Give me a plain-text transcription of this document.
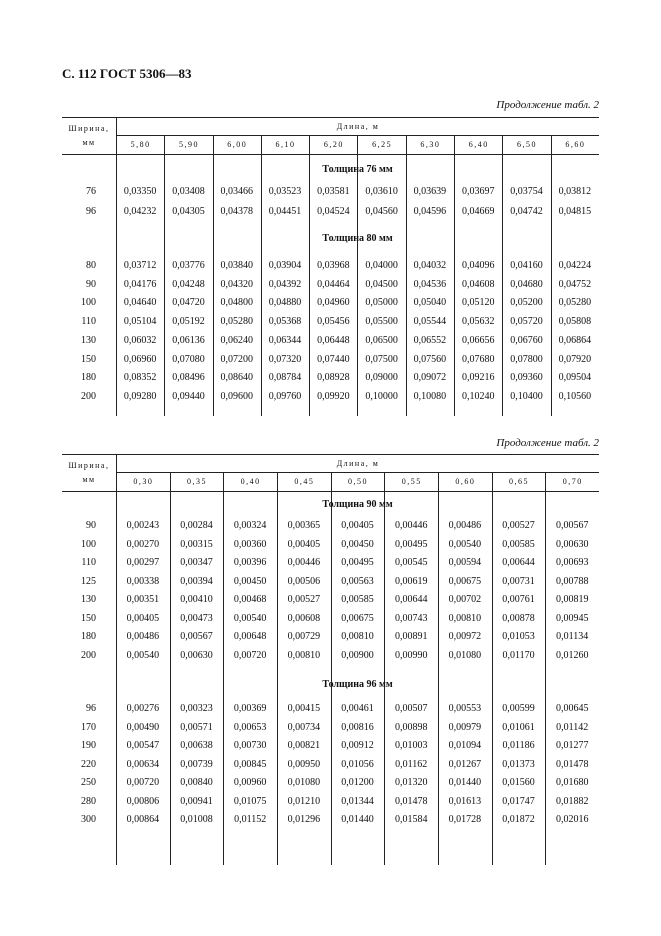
С. 112 ГОСТ 5306—83
Продолжение табл. 2
Ширина,
мм
Длина, м
5,80	5,90	6,00	6,10	6,20	6,25	6,30	6,40	6,50	6,60
Толщина 76 мм
76	0,03350	0,03408	0,03466	0,03523	0,03581	0,03610	0,03639	0,03697	0,03754	0,03812
96	0,04232	0,04305	0,04378	0,04451	0,04524	0,04560	0,04596	0,04669	0,04742	0,04815
Толщина 80 мм
80	0,03712	0,03776	0,03840	0,03904	0,03968	0,04000	0,04032	0,04096	0,04160	0,04224
90	0,04176	0,04248	0,04320	0,04392	0,04464	0,04500	0,04536	0,04608	0,04680	0,04752
100	0,04640	0,04720	0,04800	0,04880	0,04960	0,05000	0,05040	0,05120	0,05200	0,05280
110	0,05104	0,05192	0,05280	0,05368	0,05456	0,05500	0,05544	0,05632	0,05720	0,05808
130	0,06032	0,06136	0,06240	0,06344	0,06448	0,06500	0,06552	0,06656	0,06760	0,06864
150	0,06960	0,07080	0,07200	0,07320	0,07440	0,07500	0,07560	0,07680	0,07800	0,07920
180	0,08352	0,08496	0,08640	0,08784	0,08928	0,09000	0,09072	0,09216	0,09360	0,09504
200	0,09280	0,09440	0,09600	0,09760	0,09920	0,10000	0,10080	0,10240	0,10400	0,10560
Продолжение табл. 2
Ширина,
мм
Длина, м
0,30	0,35	0,40	0,45	0,50	0,55	0,60	0,65	0,70
Толщина 90 мм
90	0,00243	0,00284	0,00324	0,00365	0,00405	0,00446	0,00486	0,00527	0,00567
100	0,00270	0,00315	0,00360	0,00405	0,00450	0,00495	0,00540	0,00585	0,00630
110	0,00297	0,00347	0,00396	0,00446	0,00495	0,00545	0,00594	0,00644	0,00693
125	0,00338	0,00394	0,00450	0,00506	0,00563	0,00619	0,00675	0,00731	0,00788
130	0,00351	0,00410	0,00468	0,00527	0,00585	0,00644	0,00702	0,00761	0,00819
150	0,00405	0,00473	0,00540	0,00608	0,00675	0,00743	0,00810	0,00878	0,00945
180	0,00486	0,00567	0,00648	0,00729	0,00810	0,00891	0,00972	0,01053	0,01134
200	0,00540	0,00630	0,00720	0,00810	0,00900	0,00990	0,01080	0,01170	0,01260
Толщина 96 мм
96	0,00276	0,00323	0,00369	0,00415	0,00461	0,00507	0,00553	0,00599	0,00645
170	0,00490	0,00571	0,00653	0,00734	0,00816	0,00898	0,00979	0,01061	0,01142
190	0,00547	0,00638	0,00730	0,00821	0,00912	0,01003	0,01094	0,01186	0,01277
220	0,00634	0,00739	0,00845	0,00950	0,01056	0,01162	0,01267	0,01373	0,01478
250	0,00720	0,00840	0,00960	0,01080	0,01200	0,01320	0,01440	0,01560	0,01680
280	0,00806	0,00941	0,01075	0,01210	0,01344	0,01478	0,01613	0,01747	0,01882
300	0,00864	0,01008	0,01152	0,01296	0,01440	0,01584	0,01728	0,01872	0,02016
